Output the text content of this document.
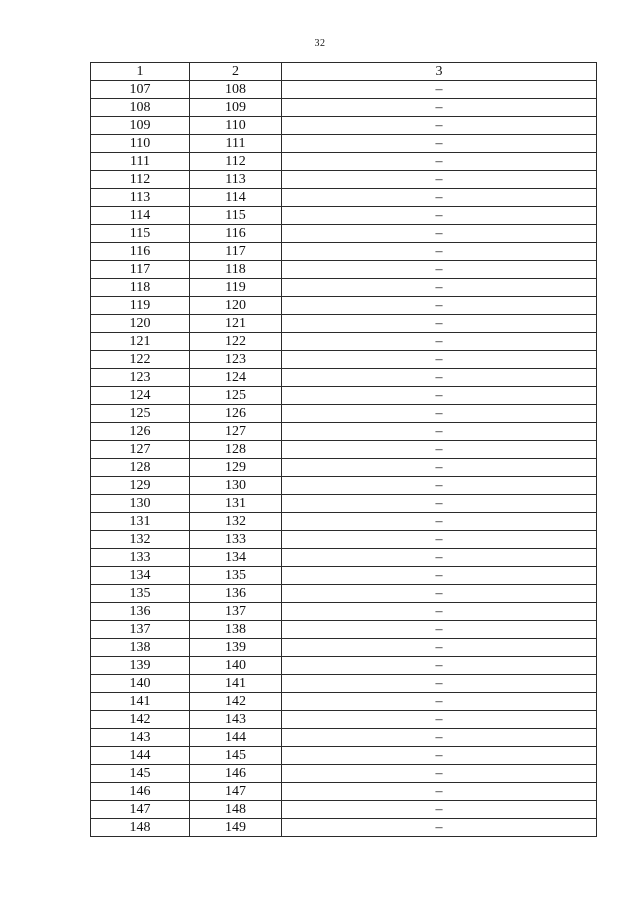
32
1	2	3
107	108	–
108	109	–
109	110	–
110	111	–
111	112	–
112	113	–
113	114	–
114	115	–
115	116	–
116	117	–
117	118	–
118	119	–
119	120	–
120	121	–
121	122	–
122	123	–
123	124	–
124	125	–
125	126	–
126	127	–
127	128	–
128	129	–
129	130	–
130	131	–
131	132	–
132	133	–
133	134	–
134	135	–
135	136	–
136	137	–
137	138	–
138	139	–
139	140	–
140	141	–
141	142	–
142	143	–
143	144	–
144	145	–
145	146	–
146	147	–
147	148	–
148	149	–
